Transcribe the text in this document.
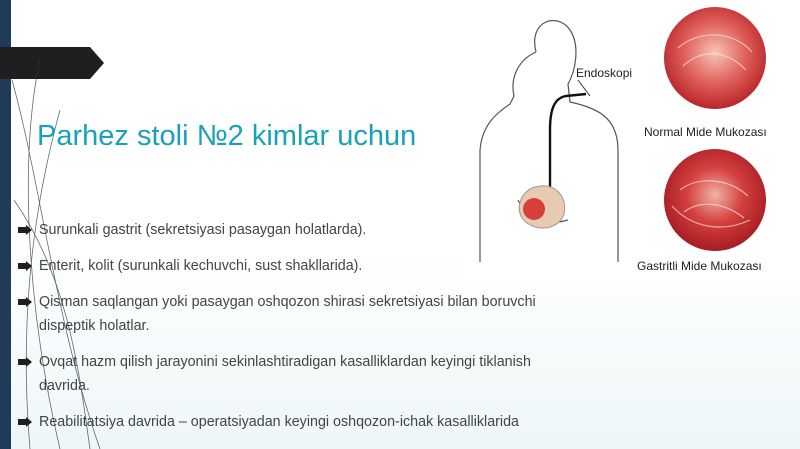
Parhez stoli №2 kimlar uchun
Surunkali gastrit (sekretsiyasi pasaygan holatlarda).
Enterit, kolit (surunkali kechuvchi, sust shakllarida).
Qisman saqlangan yoki pasaygan oshqozon shirasi sekretsiyasi bilan boruvchi dispeptik holatlar.
Ovqat hazm qilish jarayonini sekinlashtiradigan kasalliklardan keyingi tiklanish davrida.
Reabilitatsiya davrida – operatsiyadan keyingi oshqozon-ichak kasalliklarida
Endoskopi
Normal Mide Mukozası
Gastritli Mide Mukozası
